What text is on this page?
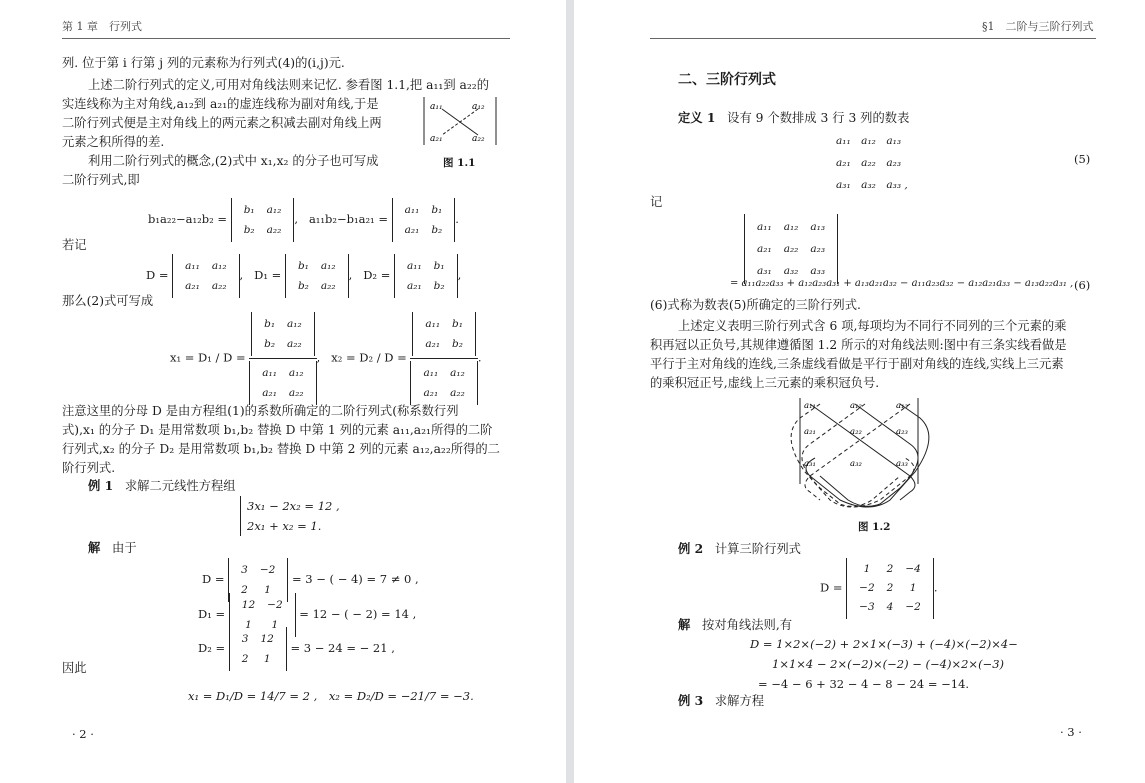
第 1 章　行列式
列. 位于第 i 行第 j 列的元素称为行列式(4)的(i,j)元.
上述二阶行列式的定义,可用对角线法则来记忆. 参看图 1.1,把 a₁₁到 a₂₂的
实连线称为主对角线,a₁₂到 a₂₁的虚连线称为副对角线,于是
二阶行列式便是主对角线上的两元素之积减去副对角线上两
元素之积所得的差.
利用二阶行列式的概念,(2)式中 x₁,x₂ 的分子也可写成
二阶行列式,即
a₁₁	a₁₂
a₂₁	a₂₂
图 1.1
b₁a₂₂−a₁₂b₂ =
b₁	a₁₂
b₂	a₂₂
,   a₁₁b₂−b₁a₂₁ =
a₁₁	b₁
a₂₁	b₂
.
若记
D =
a₁₁	a₁₂
a₂₁	a₂₂
,   D₁ =
b₁	a₁₂
b₂	a₂₂
,   D₂ =
a₁₁	b₁
a₂₁	b₂
,
那么(2)式可写成
x₁ = D₁ / D = b₁	a₁₂
b₂	a₂₂

a₁₁	a₁₂
a₂₁	a₂₂ ,   x₂ = D₂ / D = a₁₁	b₁
a₂₁	b₂

a₁₁	a₁₂
a₂₁	a₂₂ .
注意这里的分母 D 是由方程组(1)的系数所确定的二阶行列式(称系数行列
式),x₁ 的分子 D₁ 是用常数项 b₁,b₂ 替换 D 中第 1 列的元素 a₁₁,a₂₁所得的二阶
行列式,x₂ 的分子 D₂ 是用常数项 b₁,b₂ 替换 D 中第 2 列的元素 a₁₂,a₂₂所得的二
阶行列式.
例 1 求解二元线性方程组
3x₁ − 2x₂ = 12 ,
2x₁ + x₂ = 1.
解 由于
D =
3	−2
2	1
= 3 − ( − 4) = 7 ≠ 0 ,
D₁ =
12	−2
1	1
= 12 − ( − 2) = 14 ,
D₂ =
3	12
2	1
= 3 − 24 = − 21 ,
因此
x₁ = D₁/D = 14/7 = 2 ,　x₂ = D₂/D = −21/7 = −3.
· 2 ·
§1　二阶与三阶行列式
二、三阶行列式
定义 1 设有 9 个数排成 3 行 3 列的数表
a₁₁　a₁₂　a₁₃
a₂₁　a₂₂　a₂₃
a₃₁　a₃₂　a₃₃ ,
(5)
记
a₁₁	a₁₂	a₁₃
a₂₁	a₂₂	a₂₃
a₃₁	a₃₂	a₃₃
= a₁₁a₂₂a₃₃ + a₁₂a₂₃a₃₁ + a₁₃a₂₁a₃₂ − a₁₁a₂₃a₃₂ − a₁₂a₂₁a₃₃ − a₁₃a₂₂a₃₁ , (6)
(6)式称为数表(5)所确定的三阶行列式.
上述定义表明三阶行列式含 6 项,每项均为不同行不同列的三个元素的乘
积再冠以正负号,其规律遵循图 1.2 所示的对角线法则:图中有三条实线看做是
平行于主对角线的连线,三条虚线看做是平行于副对角线的连线,实线上三元素
的乘积冠正号,虚线上三元素的乘积冠负号.
a₁₁	a₁₂	a₁₃
a₂₁	a₂₂	a₂₃
a₃₁	a₃₂	a₃₃
图 1.2
例 2 计算三阶行列式
D =
1	2	−4
−2	2	1
−3	4	−2
.
解 按对角线法则,有
D = 1×2×(−2) + 2×1×(−3) + (−4)×(−2)×4−
1×1×4 − 2×(−2)×(−2) − (−4)×2×(−3)
= −4 − 6 + 32 − 4 − 8 − 24 = −14.
例 3 求解方程
· 3 ·
